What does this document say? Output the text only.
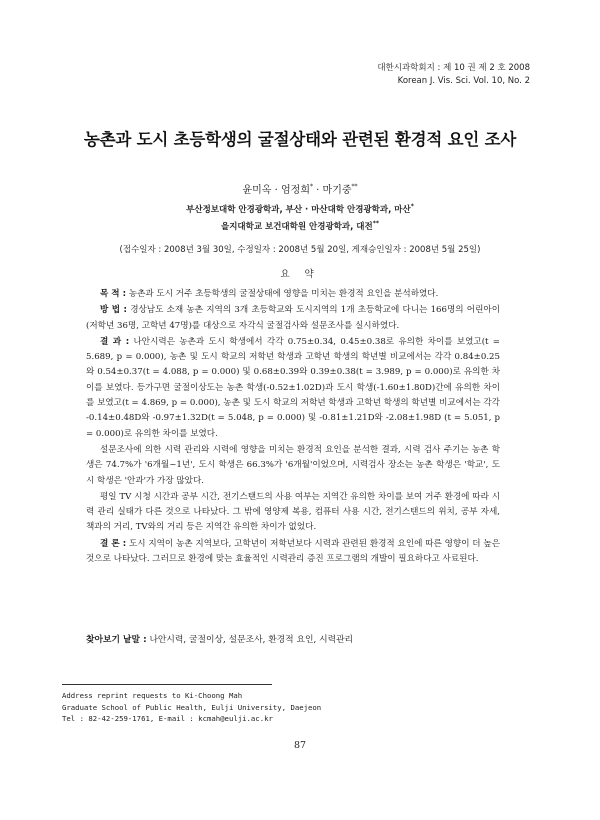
대한시과학회지 : 제 10 권 제 2 호 2008
Korean J. Vis. Sci. Vol. 10, No. 2
농촌과 도시 초등학생의 굴절상태와 관련된 환경적 요인 조사
윤미옥 · 엄정희* · 마기중**
부산정보대학 안경광학과, 부산 · 마산대학 안경광학과, 마산*
을지대학교 보건대학원 안경광학과, 대전**
(접수일자 : 2008년 3월 30일, 수정일자 : 2008년 5월 20일, 게재승인일자 : 2008년 5월 25일)
요 약

목 적 : 농촌과 도시 거주 초등학생의 굴절상태에 영향을 미치는 환경적 요인을 분석하였다.

방 법 : 경상남도 소재 농촌 지역의 3개 초등학교와 도시지역의 1개 초등학교에 다니는 166명의 어린아이(저학년 36명, 고학년 47명)를 대상으로 자각식 굴절검사와 설문조사를 실시하였다.

결 과 : 나안시력은 농촌과 도시 학생에서 각각 0.75±0.34, 0.45±0.38로 유의한 차이를 보였고(t = 5.689, p = 0.000), 농촌 및 도시 학교의 저학년 학생과 고학년 학생의 학년별 비교에서는 각각 0.84±0.25와 0.54±0.37(t = 4.088, p = 0.000) 및 0.68±0.39와 0.39±0.38(t = 3.989, p = 0.000)로 유의한 차이를 보였다. 등가구면 굴절이상도는 농촌 학생(-0.52±1.02D)과 도시 학생(-1.60±1.80D)간에 유의한 차이를 보였고(t = 4.869, p = 0.000), 농촌 및 도시 학교의 저학년 학생과 고학년 학생의 학년별 비교에서는 각각 -0.14±0.48D와 -0.97±1.32D(t = 5.048, p = 0.000) 및 -0.81±1.21D와 -2.08±1.98D (t = 5.051, p = 0.000)로 유의한 차이를 보였다.

설문조사에 의한 시력 관리와 시력에 영향을 미치는 환경적 요인을 분석한 결과, 시력 검사 주기는 농촌 학생은 74.7%가 '6개월~1년', 도시 학생은 66.3%가 '6개월'이었으며, 시력검사 장소는 농촌 학생은 '학교', 도시 학생은 '안과'가 가장 많았다.

평일 TV 시청 시간과 공부 시간, 전기스탠드의 사용 여부는 지역간 유의한 차이를 보여 거주 환경에 따라 시력 관리 실태가 다른 것으로 나타났다. 그 밖에 영양제 복용, 컴퓨터 사용 시간, 전기스탠드의 위치, 공부 자세, 책과의 거리, TV와의 거리 등은 지역간 유의한 차이가 없었다.

결 론 : 도시 지역이 농촌 지역보다, 고학년이 저학년보다 시력과 관련된 환경적 요인에 따른 영향이 더 높은 것으로 나타났다. 그러므로 환경에 맞는 효율적인 시력관리 증진 프로그램의 개발이 필요하다고 사료된다.

찾아보기 낱말 : 나안시력, 굴절이상, 설문조사, 환경적 요인, 시력관리
Address reprint requests to Ki-Choong Mah
Graduate School of Public Health, Eulji University, Daejeon
Tel : 82-42-259-1761, E-mail : kcmah@eulji.ac.kr
87
